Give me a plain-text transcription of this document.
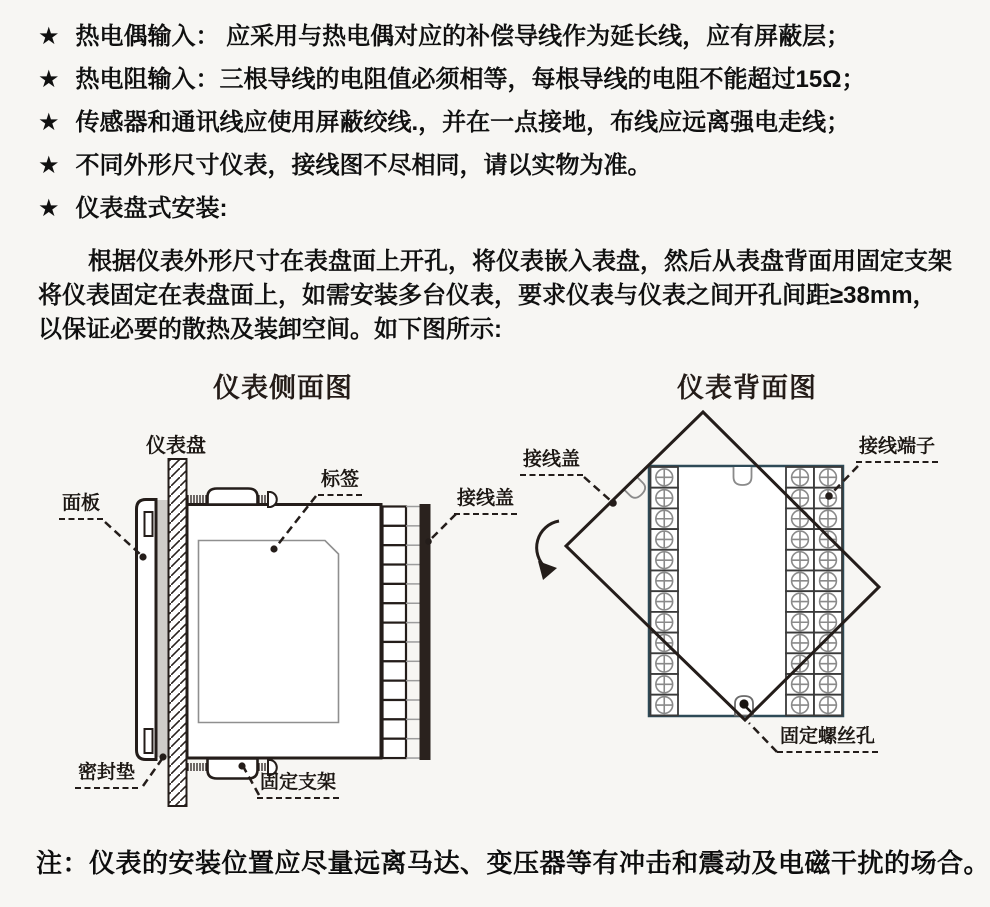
★ 热电偶输入： 应采用与热电偶对应的补偿导线作为延长线，应有屏蔽层；
★ 热电阻输入：三根导线的电阻值必须相等，每根导线的电阻不能超过15Ω；
★ 传感器和通讯线应使用屏蔽绞线.，并在一点接地，布线应远离强电走线；
★ 不同外形尺寸仪表，接线图不尽相同，请以实物为准。
★ 仪表盘式安装:
根据仪表外形尺寸在表盘面上开孔，将仪表嵌入表盘，然后从表盘背面用固定支架
将仪表固定在表盘面上，如需安装多台仪表，要求仪表与仪表之间开孔间距≥38mm，
以保证必要的散热及装卸空间。如下图所示:
仪表侧面图	仪表背面图
仪表盘
面板
标签
接线盖
密封垫	固定支架
接线盖
接线端子
固定螺丝孔
注：仪表的安装位置应尽量远离马达、变压器等有冲击和震动及电磁干扰的场合。
